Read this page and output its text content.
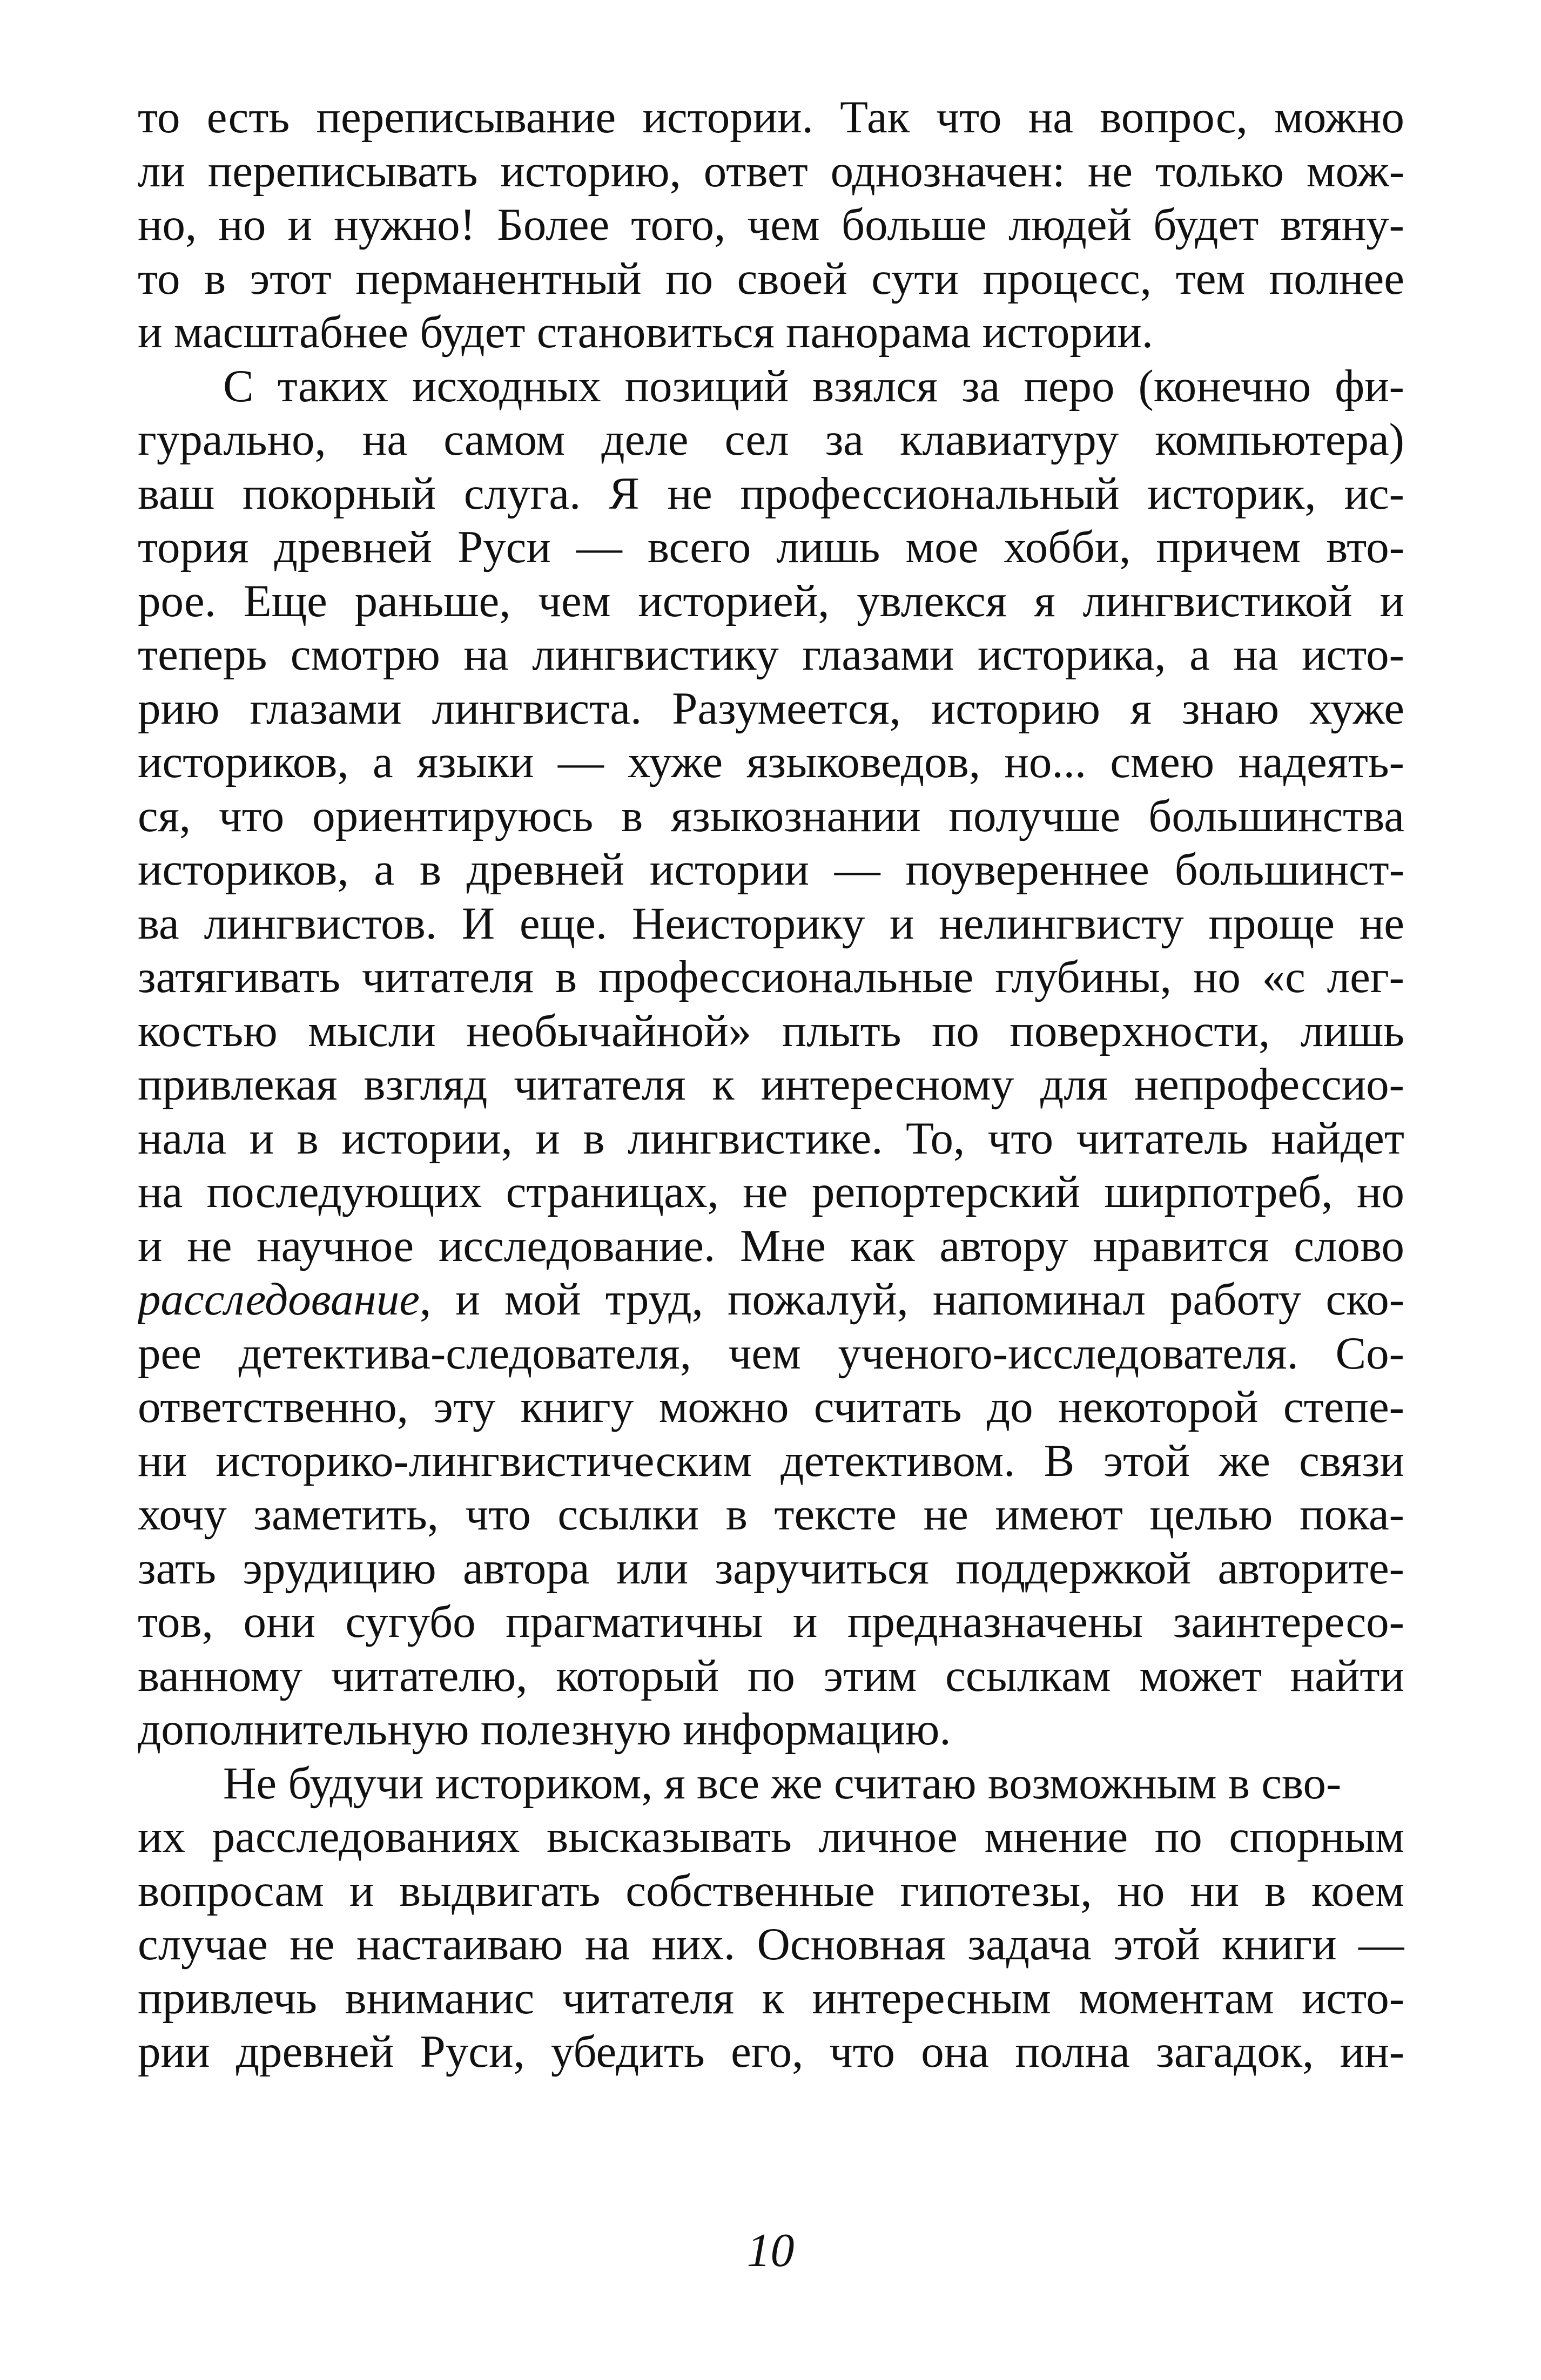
то есть переписывание истории. Так что на вопрос, можно
ли переписывать историю, ответ однозначен: не только мож-
но, но и нужно! Более того, чем больше людей будет втяну-
то в этот перманентный по своей сути процесс, тем полнее
и масштабнее будет становиться панорама истории.
С таких исходных позиций взялся за перо (конечно фи-
гурально, на самом деле сел за клавиатуру компьютера)
ваш покорный слуга. Я не профессиональный историк, ис-
тория древней Руси — всего лишь мое хобби, причем вто-
рое. Еще раньше, чем историей, увлекся я лингвистикой и
теперь смотрю на лингвистику глазами историка, а на исто-
рию глазами лингвиста. Разумеется, историю я знаю хуже
историков, а языки — хуже языковедов, но... смею надеять-
ся, что ориентируюсь в языкознании получше большинства
историков, а в древней истории — поувереннее большинст-
ва лингвистов. И еще. Неисторику и нелингвисту проще не
затягивать читателя в профессиональные глубины, но «с лег-
костью мысли необычайной» плыть по поверхности, лишь
привлекая взгляд читателя к интересному для непрофессио-
нала и в истории, и в лингвистике. То, что читатель найдет
на последующих страницах, не репортерский ширпотреб, но
и не научное исследование. Мне как автору нравится слово
расследование, и мой труд, пожалуй, напоминал работу ско-
рее детектива-следователя, чем ученого-исследователя. Со-
ответственно, эту книгу можно считать до некоторой степе-
ни историко-лингвистическим детективом. В этой же связи
хочу заметить, что ссылки в тексте не имеют целью пока-
зать эрудицию автора или заручиться поддержкой авторите-
тов, они сугубо прагматичны и предназначены заинтересо-
ванному читателю, который по этим ссылкам может найти
дополнительную полезную информацию.
Не будучи историком, я все же считаю возможным в сво-
их расследованиях высказывать личное мнение по спорным
вопросам и выдвигать собственные гипотезы, но ни в коем
случае не настаиваю на них. Основная задача этой книги —
привлечь вниманис читателя к интересным моментам исто-
рии древней Руси, убедить его, что она полна загадок, ин-
10
